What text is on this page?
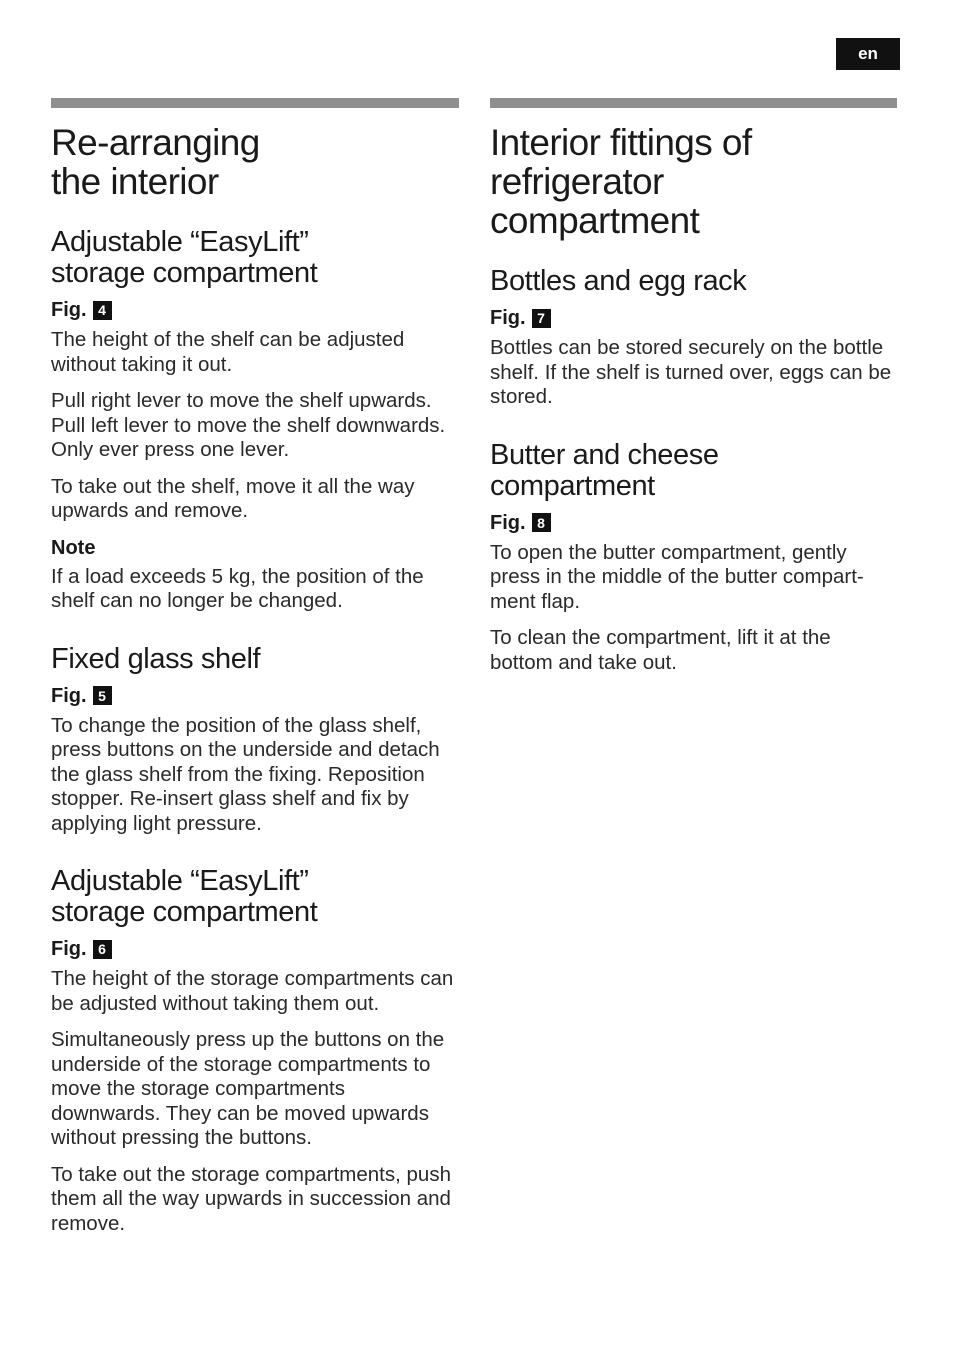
en
Re-arranging
the interior
Adjustable “EasyLift”
storage compartment
Fig. 4

The height of the shelf can be adjusted without taking it out.

Pull right lever to move the shelf upwards. Pull left lever to move the shelf downwards. Only ever press one lever.

To take out the shelf, move it all the way upwards and remove.

Note

If a load exceeds 5 kg, the position of the shelf can no longer be changed.

Fixed glass shelf
Fig. 5

To change the position of the glass shelf, press buttons on the underside and detach the glass shelf from the fixing. Reposition stopper. Re-insert glass shelf and fix by applying light pressure.

Adjustable “EasyLift”
storage compartment
Fig. 6

The height of the storage compartments can be adjusted without taking them out.

Simultaneously press up the buttons on the underside of the storage compartments to move the storage compartments downwards. They can be moved upwards without pressing the buttons.

To take out the storage compartments, push them all the way upwards in succession and remove.

Interior fittings of
refrigerator
compartment
Bottles and egg rack
Fig. 7

Bottles can be stored securely on the bottle shelf. If the shelf is turned over, eggs can be stored.

Butter and cheese
compartment
Fig. 8

To open the butter compartment, gently press in the middle of the butter compartment flap.

To clean the compartment, lift it at the bottom and take out.
